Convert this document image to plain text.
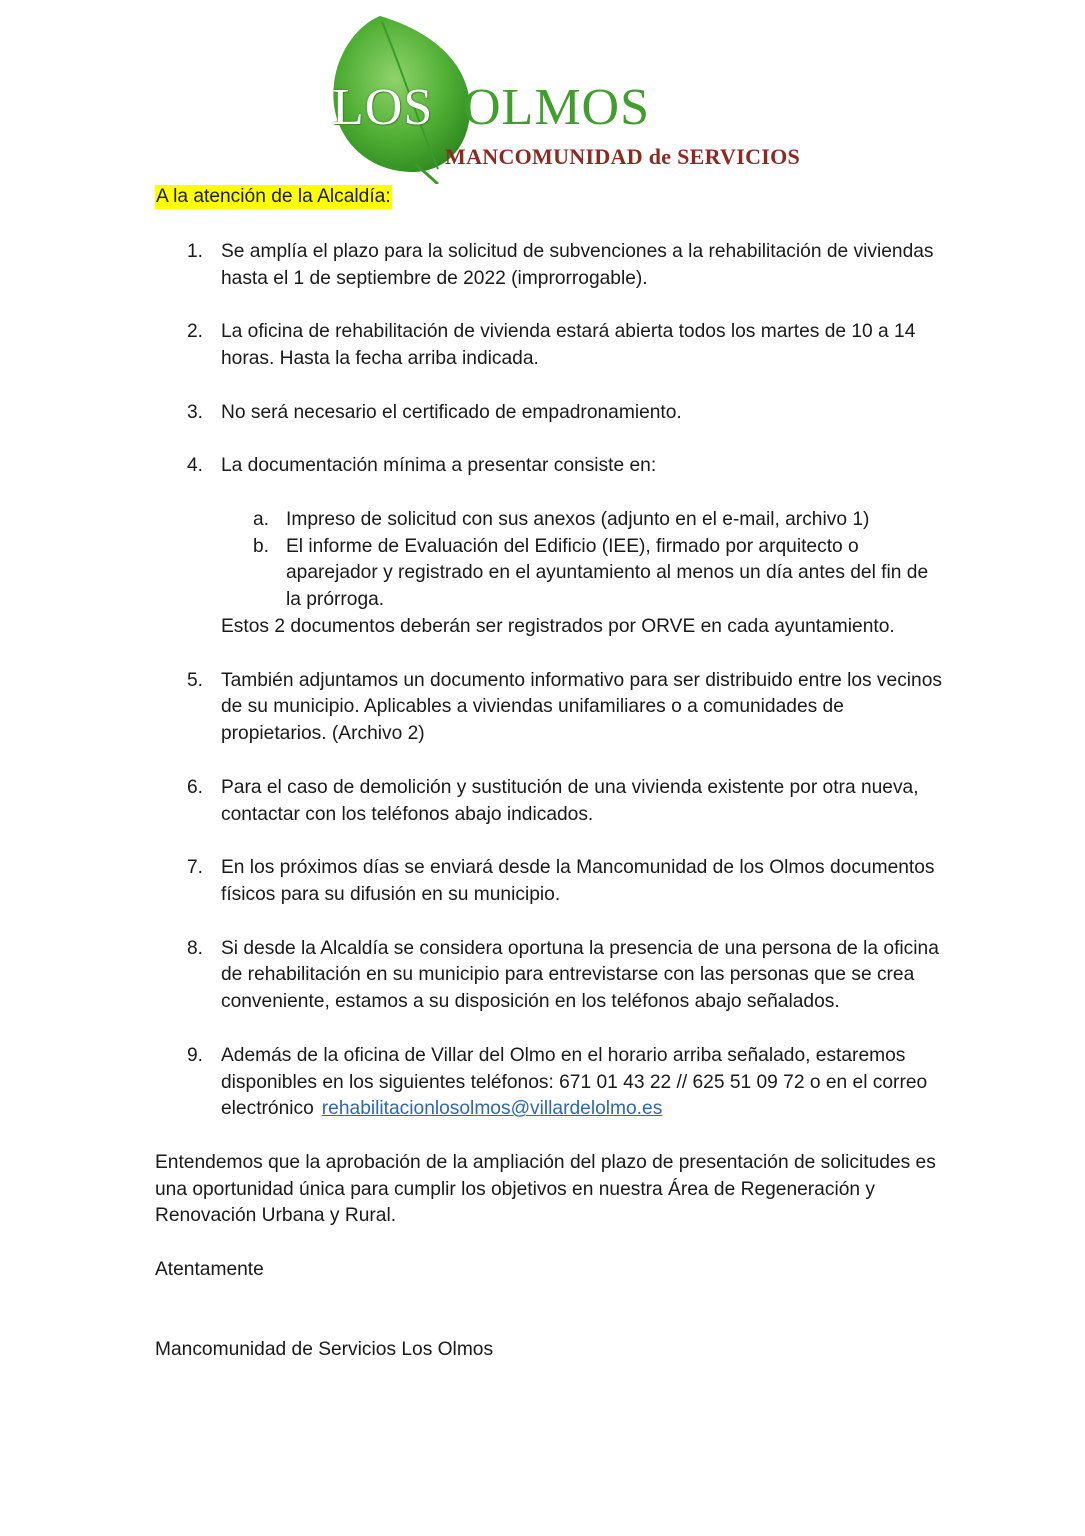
LOS OLMOS
MANCOMUNIDAD de SERVICIOS
A la atención de la Alcaldía:
1. Se amplía el plazo para la solicitud de subvenciones a la rehabilitación de viviendas hasta el 1 de septiembre de 2022 (improrrogable).
2. La oficina de rehabilitación de vivienda estará abierta todos los martes de 10 a 14 horas. Hasta la fecha arriba indicada.
3. No será necesario el certificado de empadronamiento.
4. La documentación mínima a presentar consiste en:
a. Impreso de solicitud con sus anexos (adjunto en el e-mail, archivo 1)
b. El informe de Evaluación del Edificio (IEE), firmado por arquitecto o aparejador y registrado en el ayuntamiento al menos un día antes del fin de la prórroga.
Estos 2 documentos deberán ser registrados por ORVE en cada ayuntamiento.
5. También adjuntamos un documento informativo para ser distribuido entre los vecinos de su municipio. Aplicables a viviendas unifamiliares o a comunidades de propietarios. (Archivo 2)
6. Para el caso de demolición y sustitución de una vivienda existente por otra nueva, contactar con los teléfonos abajo indicados.
7. En los próximos días se enviará desde la Mancomunidad de los Olmos documentos físicos para su difusión en su municipio.
8. Si desde la Alcaldía se considera oportuna la presencia de una persona de la oficina de rehabilitación en su municipio para entrevistarse con las personas que se crea conveniente, estamos a su disposición en los teléfonos abajo señalados.
9. Además de la oficina de Villar del Olmo en el horario arriba señalado, estaremos disponibles en los siguientes teléfonos: 671 01 43 22 // 625 51 09 72 o en el correo electrónico rehabilitacionlosolmos@villardelolmo.es

Entendemos que la aprobación de la ampliación del plazo de presentación de solicitudes es una oportunidad única para cumplir los objetivos en nuestra Área de Regeneración y Renovación Urbana y Rural.

Atentamente

Mancomunidad de Servicios Los Olmos
